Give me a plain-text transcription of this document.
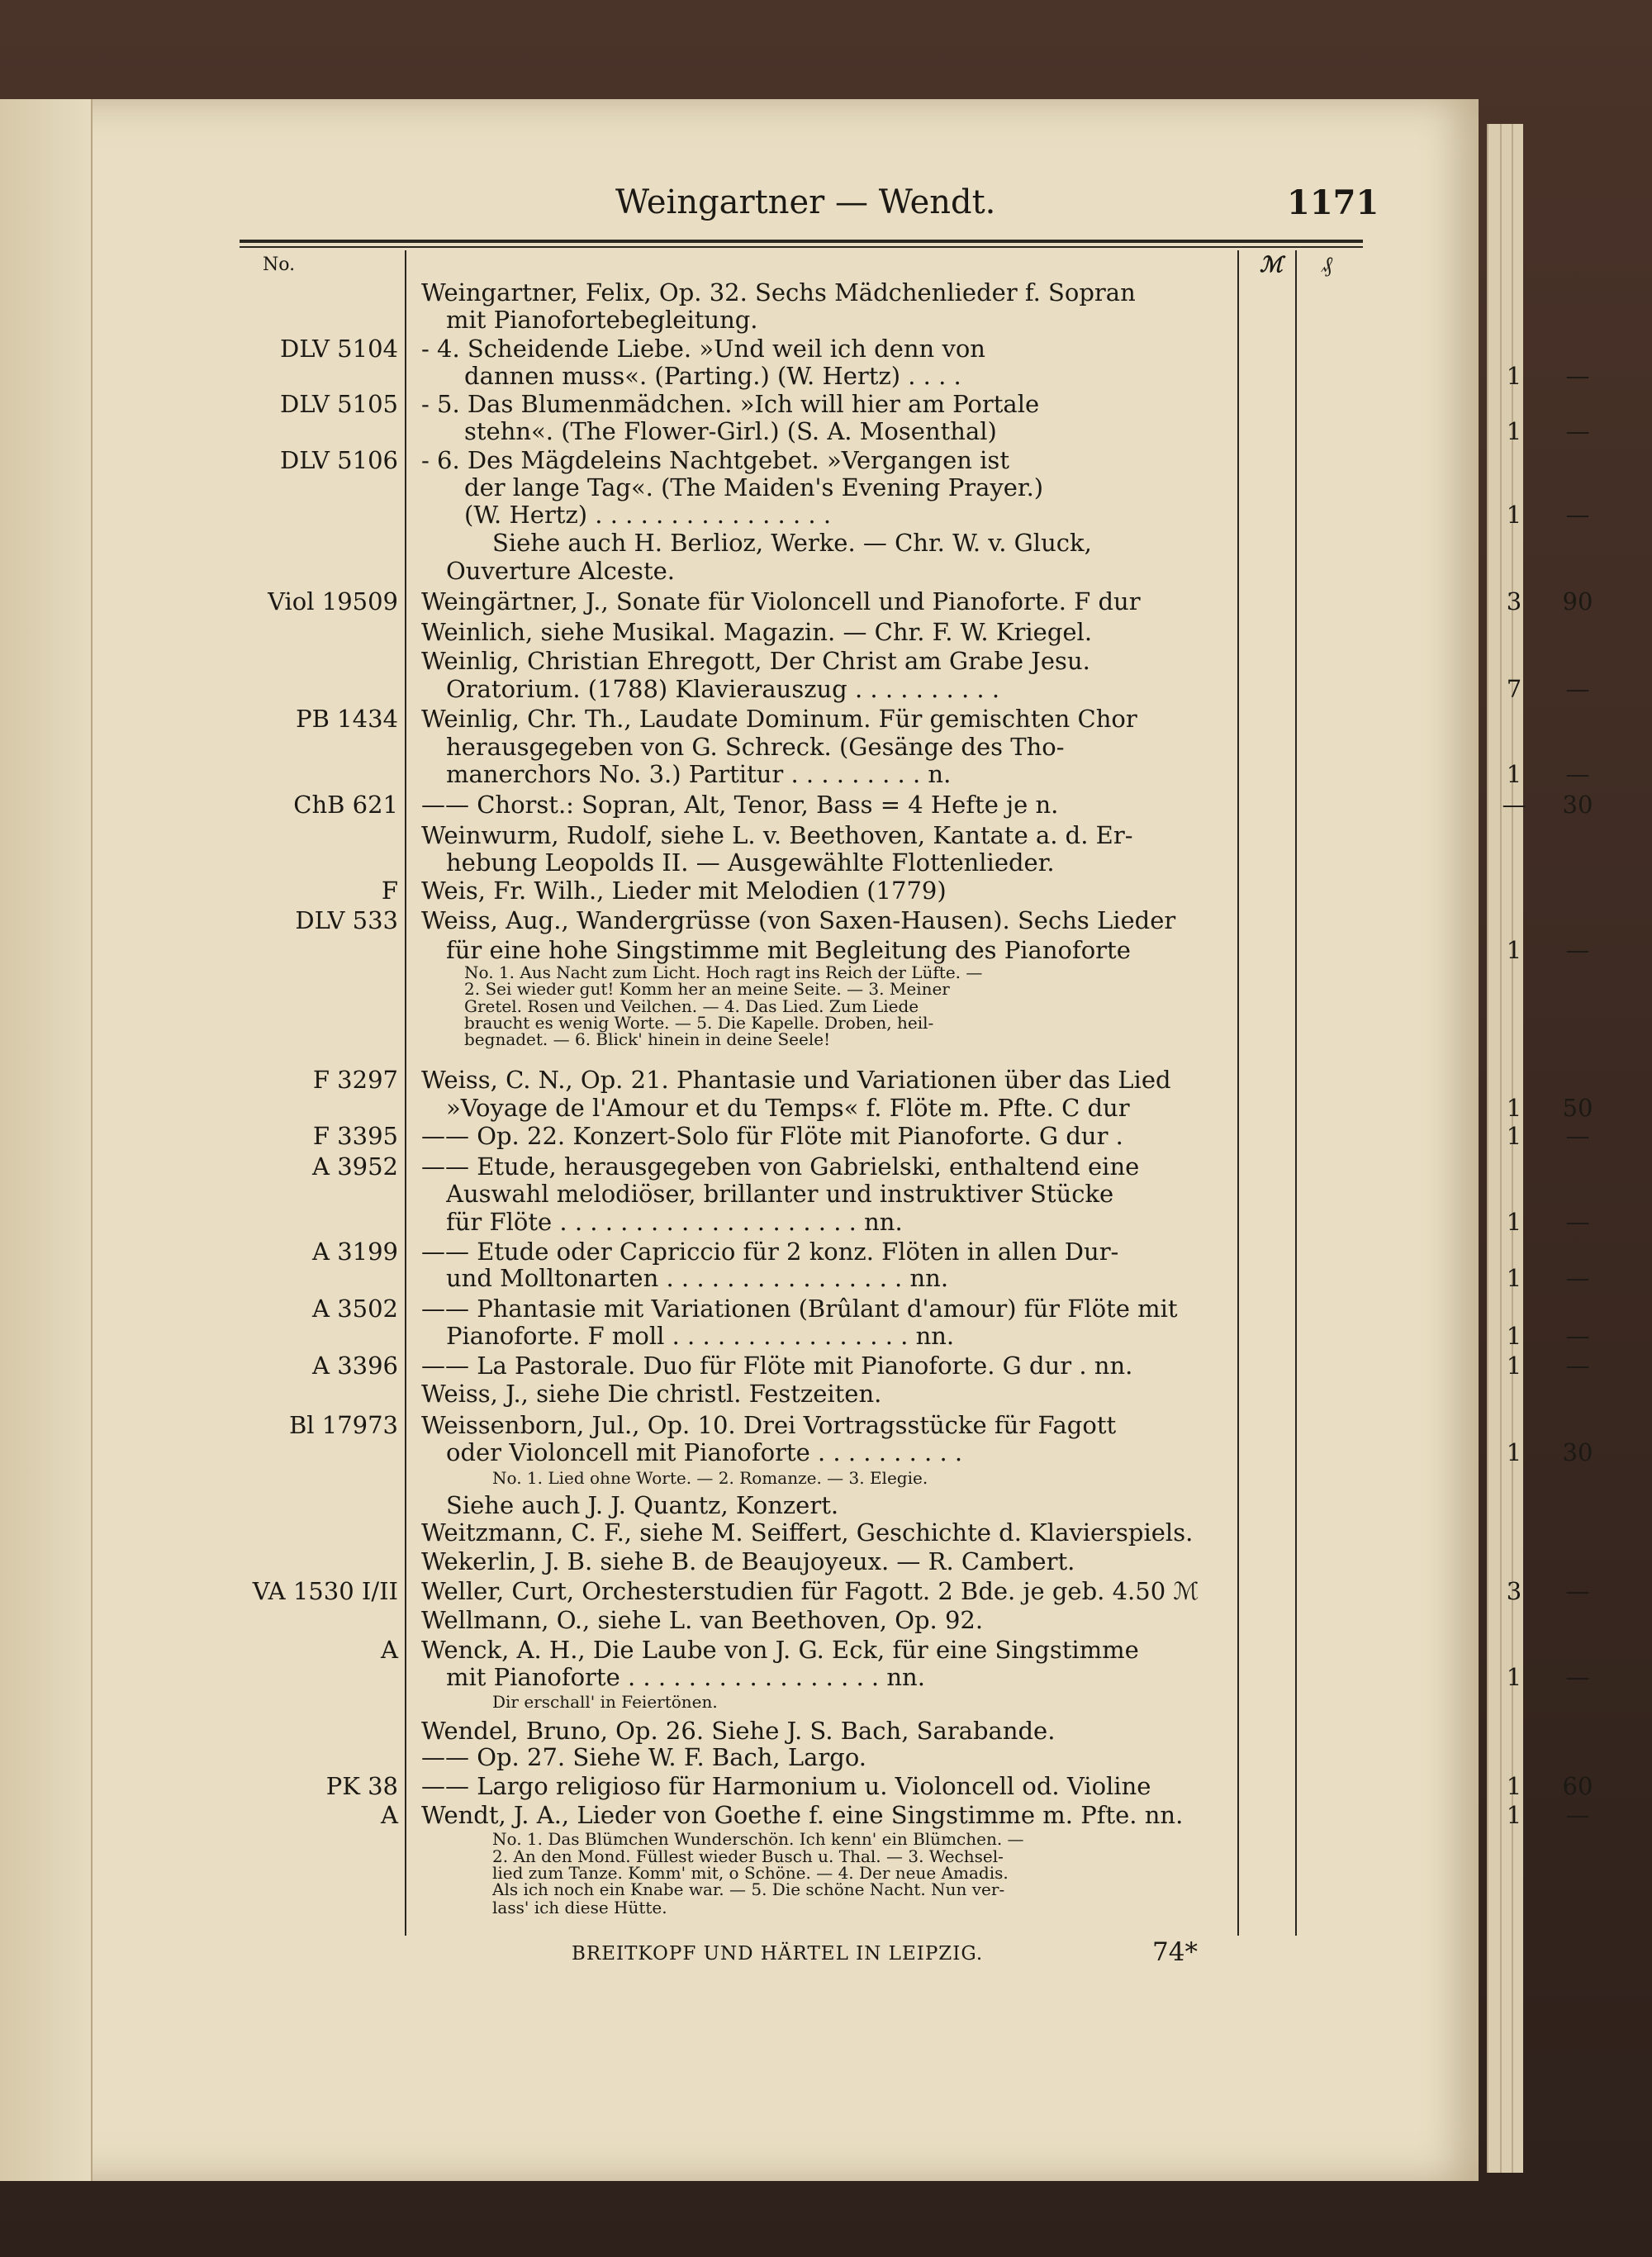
Weingartner — Wendt.	1171
No.	ℳ ₰
Weingartner, Felix, Op. 32. Sechs Mädchenlieder f. Sopran
mit Pianofortebegleitung.
DLV 5104 - 4. Scheidende Liebe. »Und weil ich denn von
dannen muss«. (Parting.) (W. Hertz) . . . .	1	—
DLV 5105 - 5. Das Blumenmädchen. »Ich will hier am Portale
stehn«. (The Flower-Girl.) (S. A. Mosenthal)	1	—
DLV 5106 - 6. Des Mägdeleins Nachtgebet. »Vergangen ist
der lange Tag«. (The Maiden's Evening Prayer.)
(W. Hertz) . . . . . . . . . . . . . . . .	1	—
Siehe auch H. Berlioz, Werke. — Chr. W. v. Gluck,
Ouverture Alceste.
Viol 19509 Weingärtner, J., Sonate für Violoncell und Pianoforte. F dur	3	90
Weinlich, siehe Musikal. Magazin. — Chr. F. W. Kriegel.
Weinlig, Christian Ehregott, Der Christ am Grabe Jesu.
Oratorium. (1788) Klavierauszug . . . . . . . . . .	7	—
PB 1434 Weinlig, Chr. Th., Laudate Dominum. Für gemischten Chor
herausgegeben von G. Schreck. (Gesänge des Tho-
manerchors No. 3.) Partitur . . . . . . . . . n.	1	—
ChB 621 —— Chorst.: Sopran, Alt, Tenor, Bass = 4 Hefte je n.	—	30
Weinwurm, Rudolf, siehe L. v. Beethoven, Kantate a. d. Er-
hebung Leopolds II. — Ausgewählte Flottenlieder.
F Weis, Fr. Wilh., Lieder mit Melodien (1779)
DLV 533 Weiss, Aug., Wandergrüsse (von Saxen-Hausen). Sechs Lieder
für eine hohe Singstimme mit Begleitung des Pianoforte	1	—
No. 1. Aus Nacht zum Licht. Hoch ragt ins Reich der Lüfte. —
2. Sei wieder gut! Komm her an meine Seite. — 3. Meiner
Gretel. Rosen und Veilchen. — 4. Das Lied. Zum Liede
braucht es wenig Worte. — 5. Die Kapelle. Droben, heil-
begnadet. — 6. Blick' hinein in deine Seele!
F 3297 Weiss, C. N., Op. 21. Phantasie und Variationen über das Lied
»Voyage de l'Amour et du Temps« f. Flöte m. Pfte. C dur	1	50
F 3395 —— Op. 22. Konzert-Solo für Flöte mit Pianoforte. G dur .	1	—
A 3952 —— Etude, herausgegeben von Gabrielski, enthaltend eine
Auswahl melodiöser, brillanter und instruktiver Stücke
für Flöte . . . . . . . . . . . . . . . . . . . . nn.	1	—
A 3199 —— Etude oder Capriccio für 2 konz. Flöten in allen Dur-
und Molltonarten . . . . . . . . . . . . . . . . nn.	1	—
A 3502 —— Phantasie mit Variationen (Brûlant d'amour) für Flöte mit
Pianoforte. F moll . . . . . . . . . . . . . . . . nn.	1	—
A 3396 —— La Pastorale. Duo für Flöte mit Pianoforte. G dur . nn.	1	—
Weiss, J., siehe Die christl. Festzeiten.
Bl 17973 Weissenborn, Jul., Op. 10. Drei Vortragsstücke für Fagott
oder Violoncell mit Pianoforte . . . . . . . . . .	1	30
No. 1. Lied ohne Worte. — 2. Romanze. — 3. Elegie.
Siehe auch J. J. Quantz, Konzert.
Weitzmann, C. F., siehe M. Seiffert, Geschichte d. Klavierspiels.
Wekerlin, J. B. siehe B. de Beaujoyeux. — R. Cambert.
VA 1530 I/II Weller, Curt, Orchesterstudien für Fagott. 2 Bde. je geb. 4.50 ℳ	3	—
Wellmann, O., siehe L. van Beethoven, Op. 92.
A Wenck, A. H., Die Laube von J. G. Eck, für eine Singstimme
mit Pianoforte . . . . . . . . . . . . . . . . . nn.	1	—
Dir erschall' in Feiertönen.
Wendel, Bruno, Op. 26. Siehe J. S. Bach, Sarabande.
—— Op. 27. Siehe W. F. Bach, Largo.
PK 38 —— Largo religioso für Harmonium u. Violoncell od. Violine	1	60
A Wendt, J. A., Lieder von Goethe f. eine Singstimme m. Pfte. nn.	1	—
No. 1. Das Blümchen Wunderschön. Ich kenn' ein Blümchen. —
2. An den Mond. Füllest wieder Busch u. Thal. — 3. Wechsel-
lied zum Tanze. Komm' mit, o Schöne. — 4. Der neue Amadis.
Als ich noch ein Knabe war. — 5. Die schöne Nacht. Nun ver-
lass' ich diese Hütte.
BREITKOPF UND HÄRTEL IN LEIPZIG.	74*
